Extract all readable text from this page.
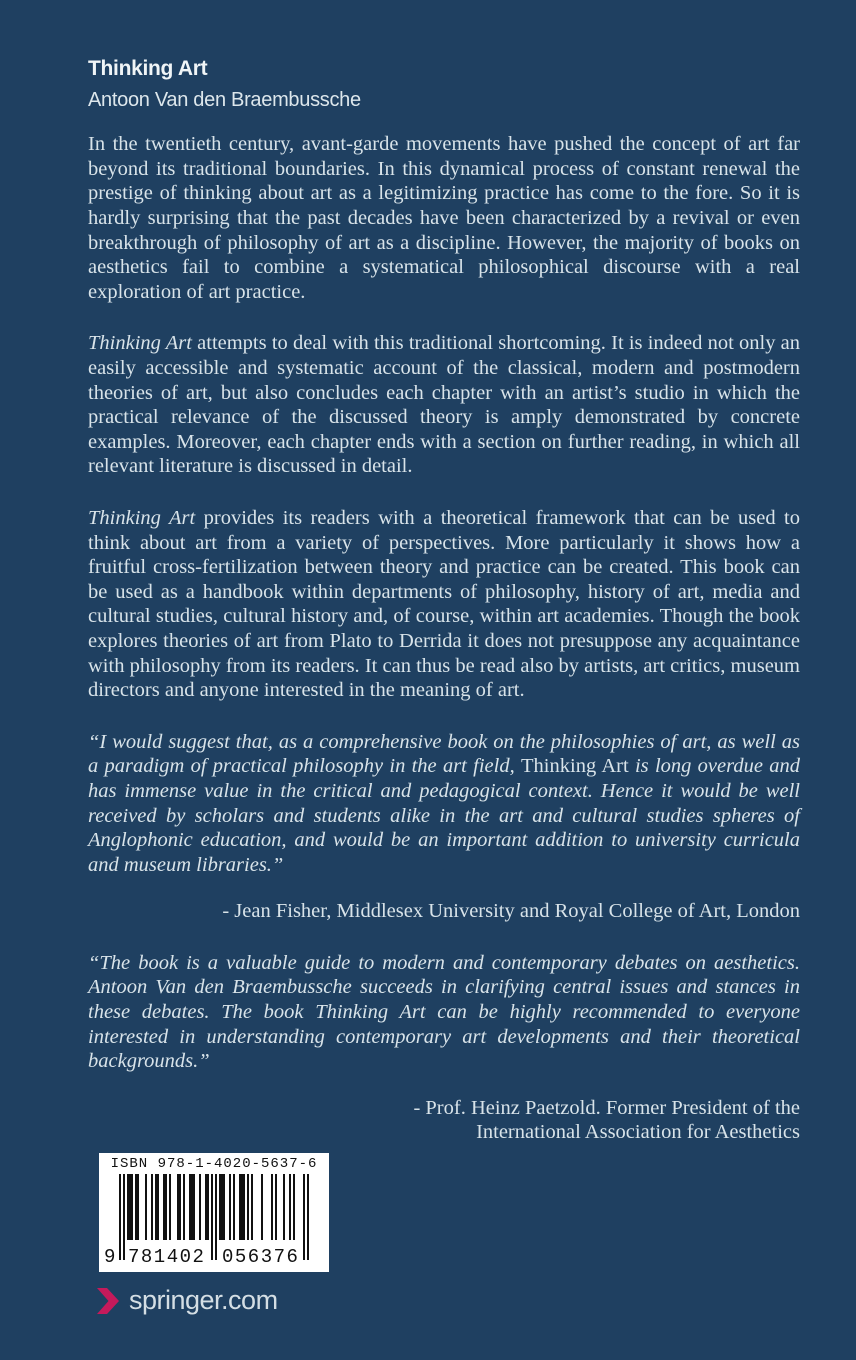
Thinking Art
Antoon Van den Braembussche

In the twentieth century, avant-garde movements have pushed the concept of art far beyond its traditional boundaries. In this dynamical process of constant renewal the prestige of thinking about art as a legitimizing practice has come to the fore. So it is hardly surprising that the past decades have been characterized by a revival or even breakthrough of philosophy of art as a discipline. However, the majority of books on aesthetics fail to combine a systematical philosophical discourse with a real exploration of art practice.

Thinking Art attempts to deal with this traditional shortcoming. It is indeed not only an easily accessible and systematic account of the classical, modern and postmodern theories of art, but also concludes each chapter with an artist’s studio in which the practical relevance of the discussed theory is amply demonstrated by concrete examples. Moreover, each chapter ends with a section on further reading, in which all relevant literature is discussed in detail.

Thinking Art provides its readers with a theoretical framework that can be used to think about art from a variety of perspectives. More particularly it shows how a fruitful cross-fertilization between theory and practice can be created. This book can be used as a handbook within departments of philosophy, history of art, media and cultural studies, cultural history and, of course, within art academies. Though the book explores theories of art from Plato to Derrida it does not presuppose any acquaintance with philosophy from its readers. It can thus be read also by artists, art critics, museum directors and anyone interested in the meaning of art.

“I would suggest that, as a comprehensive book on the philosophies of art, as well as a paradigm of practical philosophy in the art field, Thinking Art is long overdue and has immense value in the critical and pedagogical context. Hence it would be well received by scholars and students alike in the art and cultural studies spheres of Anglophonic education, and would be an important addition to university curricula and museum libraries.”

- Jean Fisher, Middlesex University and Royal College of Art, London

“The book is a valuable guide to modern and contemporary debates on aesthetics. Antoon Van den Braembussche succeeds in clarifying central issues and stances in these debates. The book Thinking Art can be highly recommended to everyone interested in understanding contemporary art developments and their theoretical backgrounds.”

- Prof. Heinz Paetzold. Former President of the
International Association for Aesthetics

ISBN 978-1-4020-5637-6
9 781402 056376
springer.com
